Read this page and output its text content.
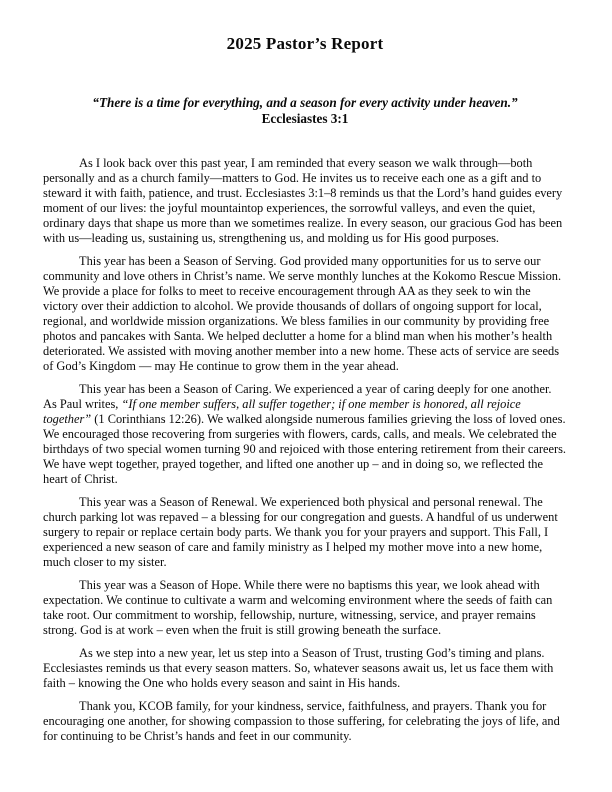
2025 Pastor’s Report
“There is a time for everything, and a season for every activity under heaven.”
Ecclesiastes 3:1

As I look back over this past year, I am reminded that every season we walk through—both personally and as a church family—matters to God. He invites us to receive each one as a gift and to steward it with faith, patience, and trust. Ecclesiastes 3:1–8 reminds us that the Lord’s hand guides every moment of our lives: the joyful mountaintop experiences, the sorrowful valleys, and even the quiet, ordinary days that shape us more than we sometimes realize. In every season, our gracious God has been with us—leading us, sustaining us, strengthening us, and molding us for His good purposes.

This year has been a Season of Serving. God provided many opportunities for us to serve our community and love others in Christ’s name. We serve monthly lunches at the Kokomo Rescue Mission. We provide a place for folks to meet to receive encouragement through AA as they seek to win the victory over their addiction to alcohol. We provide thousands of dollars of ongoing support for local, regional, and worldwide mission organizations. We bless families in our community by providing free photos and pancakes with Santa. We helped declutter a home for a blind man when his mother’s health deteriorated. We assisted with moving another member into a new home. These acts of service are seeds of God’s Kingdom — may He continue to grow them in the year ahead.

This year has been a Season of Caring. We experienced a year of caring deeply for one another. As Paul writes, “If one member suffers, all suffer together; if one member is honored, all rejoice together” (1 Corinthians 12:26). We walked alongside numerous families grieving the loss of loved ones. We encouraged those recovering from surgeries with flowers, cards, calls, and meals. We celebrated the birthdays of two special women turning 90 and rejoiced with those entering retirement from their careers. We have wept together, prayed together, and lifted one another up – and in doing so, we reflected the heart of Christ.

This year was a Season of Renewal. We experienced both physical and personal renewal. The church parking lot was repaved – a blessing for our congregation and guests. A handful of us underwent surgery to repair or replace certain body parts. We thank you for your prayers and support. This Fall, I experienced a new season of care and family ministry as I helped my mother move into a new home, much closer to my sister.

This year was a Season of Hope. While there were no baptisms this year, we look ahead with expectation. We continue to cultivate a warm and welcoming environment where the seeds of faith can take root. Our commitment to worship, fellowship, nurture, witnessing, service, and prayer remains strong. God is at work – even when the fruit is still growing beneath the surface.

As we step into a new year, let us step into a Season of Trust, trusting God’s timing and plans. Ecclesiastes reminds us that every season matters. So, whatever seasons await us, let us face them with faith – knowing the One who holds every season and saint in His hands.

Thank you, KCOB family, for your kindness, service, faithfulness, and prayers. Thank you for encouraging one another, for showing compassion to those suffering, for celebrating the joys of life, and for continuing to be Christ’s hands and feet in our community.
